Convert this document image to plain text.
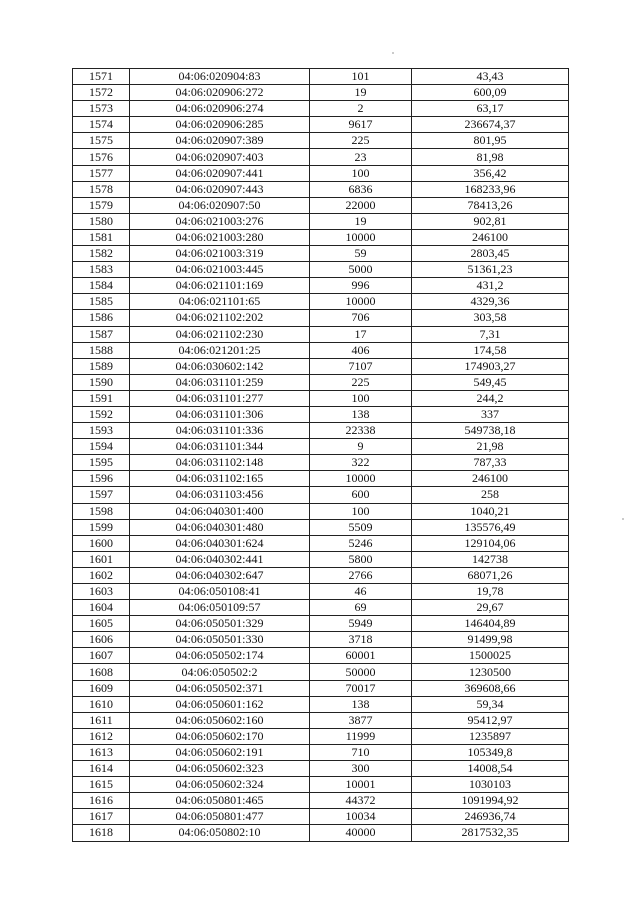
1571	04:06:020904:83	101	43,43
1572	04:06:020906:272	19	600,09
1573	04:06:020906:274	2	63,17
1574	04:06:020906:285	9617	236674,37
1575	04:06:020907:389	225	801,95
1576	04:06:020907:403	23	81,98
1577	04:06:020907:441	100	356,42
1578	04:06:020907:443	6836	168233,96
1579	04:06:020907:50	22000	78413,26
1580	04:06:021003:276	19	902,81
1581	04:06:021003:280	10000	246100
1582	04:06:021003:319	59	2803,45
1583	04:06:021003:445	5000	51361,23
1584	04:06:021101:169	996	431,2
1585	04:06:021101:65	10000	4329,36
1586	04:06:021102:202	706	303,58
1587	04:06:021102:230	17	7,31
1588	04:06:021201:25	406	174,58
1589	04:06:030602:142	7107	174903,27
1590	04:06:031101:259	225	549,45
1591	04:06:031101:277	100	244,2
1592	04:06:031101:306	138	337
1593	04:06:031101:336	22338	549738,18
1594	04:06:031101:344	9	21,98
1595	04:06:031102:148	322	787,33
1596	04:06:031102:165	10000	246100
1597	04:06:031103:456	600	258
1598	04:06:040301:400	100	1040,21
1599	04:06:040301:480	5509	135576,49
1600	04:06:040301:624	5246	129104,06
1601	04:06:040302:441	5800	142738
1602	04:06:040302:647	2766	68071,26
1603	04:06:050108:41	46	19,78
1604	04:06:050109:57	69	29,67
1605	04:06:050501:329	5949	146404,89
1606	04:06:050501:330	3718	91499,98
1607	04:06:050502:174	60001	1500025
1608	04:06:050502:2	50000	1230500
1609	04:06:050502:371	70017	369608,66
1610	04:06:050601:162	138	59,34
1611	04:06:050602:160	3877	95412,97
1612	04:06:050602:170	11999	1235897
1613	04:06:050602:191	710	105349,8
1614	04:06:050602:323	300	14008,54
1615	04:06:050602:324	10001	1030103
1616	04:06:050801:465	44372	1091994,92
1617	04:06:050801:477	10034	246936,74
1618	04:06:050802:10	40000	2817532,35
